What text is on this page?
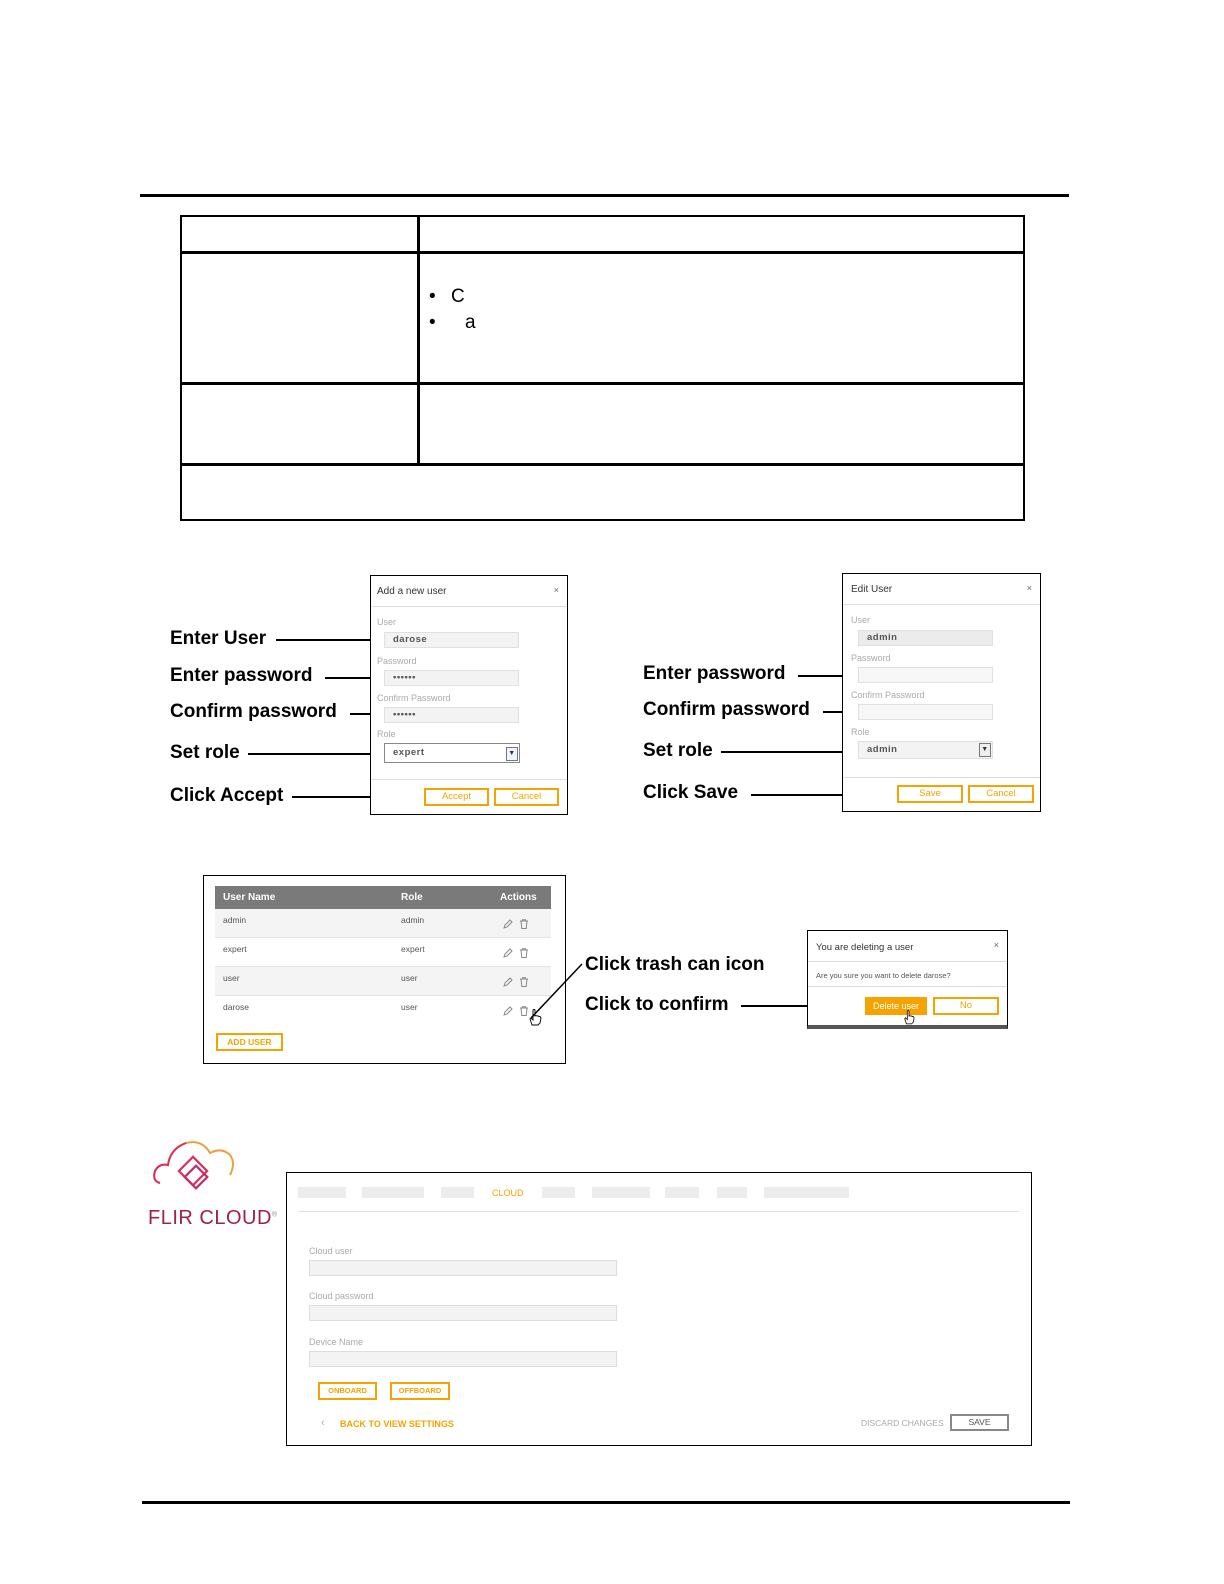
• C
• a
Enter User
Enter password
Confirm password
Set role
Click Accept
Add a new user	×
User
darose
Password
••••••
Confirm Password
••••••
Role
expert	▼
Accept	Cancel
Enter password
Confirm password
Set role
Click Save
Edit User	×
User
admin
Password
Confirm Password
Role
admin	▼
Save	Cancel
User Name	Role	Actions
admin	admin
expert	expert
user	user
darose	user
ADD USER
Click trash can icon
Click to confirm
You are deleting a user	×
Are you sure you want to delete darose?
Delete user	No
FLIR CLOUD®
CLOUD
Cloud user
Cloud password
Device Name
ONBOARD	OFFBOARD
‹ BACK TO VIEW SETTINGS	DISCARD CHANGES	SAVE
